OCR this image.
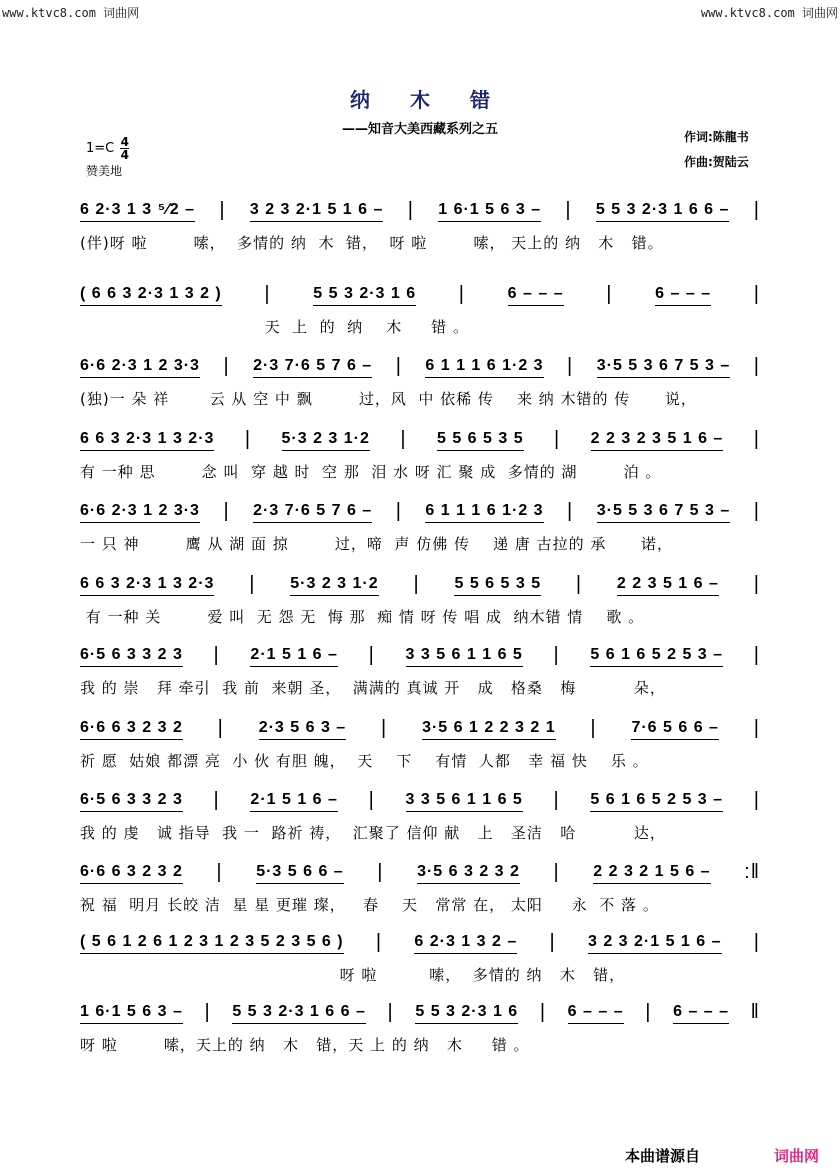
www.ktvc8.com 词曲网	www.ktvc8.com 词曲网
纳木错
——知音大美西藏系列之五
$1=C \frac{4}{4}$
赞美地
作词:陈龍书
作曲:贺陆云
6 2·3 1 3 ⁵⁄2 – | 3 2 3 2·1 5 1 6 – | 1 6·1 5 6 3 – | 5 5 3 2·3 1 6 6 – |
(伴)呀 啦        嗦，  多情的 纳  木  错，  呀 啦        嗦， 天上的 纳   木   错。
( 6 6 3 2·3 1 3 2 ) |	5 5 3 2·3 1 6 |	6 – – – |	6 – – – |
天  上  的  纳    木     错 。
6·6 2·3 1 2 3·3 | 2·3 7·6 5 7 6 – | 6 1 1 1 6 1·2 3 | 3·5 5 3 6 7 5 3 – |
(独)一 朵 祥       云 从 空 中 飘        过，风  中 依稀 传    来 纳 木错的 传      说，
6 6 3 2·3 1 3 2·3 | 5·3 2 3 1·2 | 5 5 6 5 3 5 | 2 2 3 2 3 5 1 6 – |
有 一种 思        念 叫  穿 越 时  空 那  泪 水 呀 汇 聚 成  多情的 湖        泊 。
6·6 2·3 1 2 3·3 | 2·3 7·6 5 7 6 – | 6 1 1 1 6 1·2 3 | 3·5 5 3 6 7 5 3 – |
一 只 神        鹰 从 湖 面 掠        过，啼  声 仿佛 传    递 唐 古拉的 承      诺，
6 6 3 2·3 1 3 2·3 | 5·3 2 3 1·2 | 5 5 6 5 3 5 | 2 2 3 5 1 6 – |
有 一种 关        爱 叫  无 怨 无  悔 那  痴 情 呀 传 唱 成  纳木错 情    歌 。
6·5 6 3 3 2 3 | 2·1 5 1 6 – | 3 3 5 6 1 1 6 5 | 5 6 1 6 5 2 5 3 – |
我 的 崇   拜 牵引  我 前  来朝 圣，  满满的 真诚 开   成   格桑   梅          朵，
6·6 6 3 2 3 2 | 2·3 5 6 3 – | 3·5 6 1 2 2 3 2 1 | 7·6 5 6 6 – |
祈 愿  姑娘 都漂 亮  小 伙 有胆 魄，  天    下    有情  人都   幸 福 快    乐 。
6·5 6 3 3 2 3 | 2·1 5 1 6 – | 3 3 5 6 1 1 6 5 | 5 6 1 6 5 2 5 3 – |
我 的 虔   诚 指导  我 一  路祈 祷，  汇聚了 信仰 献   上   圣洁   哈          达，
6·6 6 3 2 3 2 | 5·3 5 6 6 – | 3·5 6 3 2 3 2 | 2 2 3 2 1 5 6 – :‖
祝 福  明月 长皎 洁  星 星 更璀 璨，   春    天   常常 在， 太阳     永  不 落 。
( 5 6 1 2 6 1 2 3 1 2 3 5 2 3 5 6 ) | 6 2·3 1 3 2 – | 3 2 3 2·1 5 1 6 – |
呀 啦         嗦，  多情的 纳   木   错，
1 6·1 5 6 3 – | 5 5 3 2·3 1 6 6 – | 5 5 3 2·3 1 6 | 6 – – – | 6 – – – ‖
呀 啦        嗦，天上的 纳   木   错，天 上 的 纳   木     错 。
本曲谱源自	词曲网
